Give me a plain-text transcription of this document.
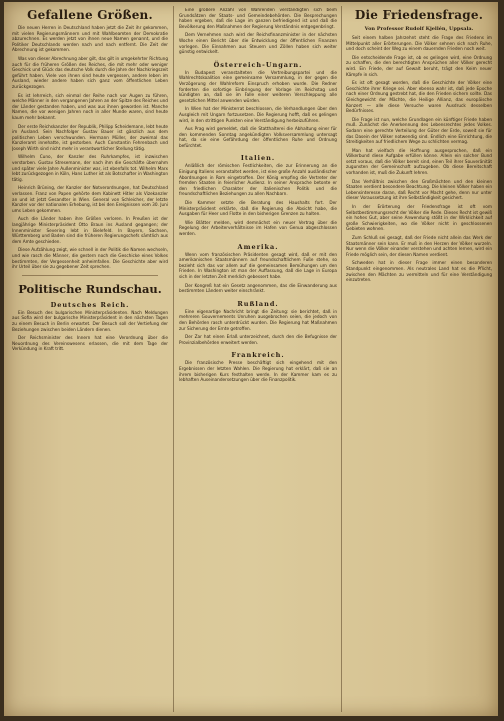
Gefallene Größen.

Die neuen Herren in Deutschland haben jetzt die Zeit ihr gekommen, mit vielen Regierungsmännern und mit Wahlbeamten der Demokratie abzurechnen. Es werden jetzt von ihnen neue Namen genannt, und die Politiker Deutschlands werden nach und nach entfernt. Die Zeit der Abrechnung ist gekommen.

Was von dieser Abrechnung aber gilt, das gilt in umgekehrter Richtung auch für die früheren Größen des Reiches, die mit mehr oder weniger Geschick und Glück das deutsche Volk durch die Jahre der Nachkriegszeit geführt haben. Viele von ihnen sind heute vergessen, andere leben im Ausland, wieder andere haben sich ganz vom öffentlichen Leben zurückgezogen.

Es ist lehrreich, sich einmal der Reihe nach vor Augen zu führen, welche Männer in den vergangenen Jahren an der Spitze des Reiches und der Länder gestanden haben, und was aus ihnen geworden ist. Manche Namen, die vor wenigen Jahren noch in aller Munde waren, sind heute kaum mehr bekannt.

Der erste Reichskanzler der Republik, Philipp Scheidemann, lebt heute im Ausland. Sein Nachfolger Gustav Bauer ist gänzlich aus dem politischen Leben verschwunden. Hermann Müller, der zweimal das Kanzleramt innehatte, ist gestorben. Auch Constantin Fehrenbach und Joseph Wirth sind nicht mehr in verantwortlicher Stellung tätig.

Wilhelm Cuno, der Kanzler des Ruhrkampfes, ist inzwischen verstorben. Gustav Stresemann, der nach ihm die Geschäfte übernahm und später viele Jahre Außenminister war, ist ebenfalls tot. Wilhelm Marx lebt zurückgezogen in Köln, Hans Luther ist als Botschafter in Washington tätig.

Heinrich Brüning, der Kanzler der Notverordnungen, hat Deutschland verlassen. Franz von Papen gehörte dem Kabinett Hitler als Vizekanzler an und ist jetzt Gesandter in Wien. General von Schleicher, der letzte Kanzler vor der nationalen Erhebung, ist bei den Ereignissen vom 30. Juni ums Leben gekommen.

Auch die Länder haben ihre Größen verloren. In Preußen ist der langjährige Ministerpräsident Otto Braun ins Ausland gegangen; der Innenminister Severing lebt in Bielefeld. In Bayern, Sachsen, Württemberg und Baden sind die früheren Regierungschefs sämtlich aus dem Amte geschieden.

Diese Aufzählung zeigt, wie schnell in der Politik die Namen wechseln, und wie rasch die Männer, die gestern noch die Geschicke eines Volkes bestimmten, der Vergessenheit anheimfallen. Die Geschichte aber wird ihr Urteil über sie zu gegebener Zeit sprechen.

Politische Rundschau.
Deutsches Reich.

Ein Besuch des bulgarischen Ministerpräsidenten. Nach Meldungen aus Sofia wird der bulgarische Ministerpräsident in den nächsten Tagen zu einem Besuch in Berlin erwartet. Der Besuch soll der Vertiefung der Beziehungen zwischen beiden Ländern dienen.

Der Reichsminister des Innern hat eine Verordnung über die Neuordnung des Vereinswesens erlassen, die mit dem Tage der Verkündung in Kraft tritt.

Eine größere Anzahl von Wahrenden verständigten sich beim Grundsätzen der Staats- und Gemeindebehörden. Die Besprechungen haben ergeben, daß die Lage im ganzen befriedigend ist und daß die Bevölkerung den Maßnahmen der Regierung Verständnis entgegenbringt.

Dem Vernehmen nach wird der Reichsfinanzminister in der nächsten Woche einen Bericht über die Entwicklung der öffentlichen Finanzen vorlegen. Die Einnahmen aus Steuern und Zöllen haben sich weiter günstig entwickelt.

Österreich-Ungarn.

In Budapest veranstalteten die Vertreibungspartei und die Wahlrechtskoalition eine gemeinsame Versammlung, in der gegen die Verzögerung der Wahlreform Einspruch erhoben wurde. Die Redner forderten die sofortige Einbringung der Vorlage im Reichstag und kündigten an, daß sie im Falle einer weiteren Verschleppung alle gesetzlichen Mittel anwenden würden.

In Wien hat der Ministerrat beschlossen, die Verhandlungen über den Ausgleich mit Ungarn fortzusetzen. Die Regierung hofft, daß es gelingen wird, in den strittigen Punkten eine Verständigung herbeizuführen.

Aus Prag wird gemeldet, daß die Statthalterei die Abhaltung einer für den kommenden Sonntag angekündigten Volksversammlung untersagt hat, da sie eine Gefährdung der öffentlichen Ruhe und Ordnung befürchtet.

Italien.

Anläßlich der römischen Festlichkeiten, die zur Erinnerung an die Einigung Italiens veranstaltet werden, ist eine große Anzahl ausländischer Abordnungen in Rom eingetroffen. Der König empfing die Vertreter der fremden Staaten in feierlicher Audienz. In seiner Ansprache betonte er den friedlichen Charakter der italienischen Politik und die freundschaftlichen Beziehungen zu allen Nachbarn.

Die Kammer setzte die Beratung des Haushalts fort. Der Ministerpräsident erklärte, daß die Regierung die Absicht habe, die Ausgaben für Heer und Flotte in den bisherigen Grenzen zu halten.

Wie Blätter melden, wird demnächst ein neuer Vertrag über die Regelung der Arbeiterverhältnisse im Hafen von Genua abgeschlossen werden.

Amerika.

Wenn vom französischen Präsidenten gesagt wird, daß er mit den amerikanischen Staatsmännern auf freundschaftlichem Fuße stehe, so bezieht sich das vor allem auf die gemeinsamen Bemühungen um den Frieden. In Washington ist man der Auffassung, daß die Lage in Europa sich in der letzten Zeit merklich gebessert habe.

Der Kongreß hat ein Gesetz angenommen, das die Einwanderung aus bestimmten Ländern weiter einschränkt.

Rußland.

Eine eigenartige Nachricht bringt die Zeitung: sie berichtet, daß in mehreren Gouvernements Unruhen ausgebrochen seien, die jedoch von den Behörden rasch unterdrückt wurden. Die Regierung hat Maßnahmen zur Sicherung der Ernte getroffen.

Der Zar hat einen Erlaß unterzeichnet, durch den die Befugnisse der Provinzialbehörden erweitert werden.

Frankreich.

Die französische Presse beschäftigt sich eingehend mit den Ergebnissen der letzten Wahlen. Die Regierung hat erklärt, daß sie an ihrem bisherigen Kurs festhalten werde. In der Kammer kam es zu lebhaften Auseinandersetzungen über die Finanzpolitik.

Die Friedensfrage.
Von Professor Rudolf Kjellén, Uppsala.

Seit einem halben Jahrzehnt steht die Frage des Friedens im Mittelpunkt aller Erörterungen. Die Völker sehnen sich nach Ruhe, und doch scheint der Weg zu einem dauernden Frieden noch weit.

Die entscheidende Frage ist, ob es gelingen wird, eine Ordnung zu schaffen, die den berechtigten Ansprüchen aller Völker gerecht wird. Ein Friede, der auf Gewalt beruht, trägt den Keim neuer Kämpfe in sich.

Es ist oft gesagt worden, daß die Geschichte der Völker eine Geschichte ihrer Kriege sei. Aber ebenso wahr ist, daß jede Epoche nach einer Ordnung gestrebt hat, die den Frieden sichern sollte. Das Gleichgewicht der Mächte, die Heilige Allianz, das europäische Konzert — alle diese Versuche waren Ausdruck desselben Bedürfnisses.

Die Frage ist nun, welche Grundlagen ein künftiger Friede haben muß. Zunächst die Anerkennung des Lebensrechtes jedes Volkes. Sodann eine gerechte Verteilung der Güter der Erde, soweit sie für das Dasein der Völker notwendig sind. Endlich eine Einrichtung, die Streitigkeiten auf friedlichem Wege zu schlichten vermag.

Man hat vielfach die Hoffnung ausgesprochen, daß ein Völkerbund diese Aufgabe erfüllen könne. Allein ein solcher Bund setzt voraus, daß die Völker bereit sind, einen Teil ihrer Souveränität zugunsten der Gemeinschaft aufzugeben. Ob diese Bereitschaft vorhanden ist, muß die Zukunft lehren.

Das Verhältnis zwischen den Großmächten und den kleinen Staaten verdient besondere Beachtung. Die kleinen Völker haben ein Lebensinteresse daran, daß Recht vor Macht gehe, denn nur unter dieser Voraussetzung ist ihre Selbständigkeit gesichert.

In der Erörterung der Friedensfrage ist oft vom Selbstbestimmungsrecht der Völker die Rede. Dieses Recht ist gewiß ein hohes Gut, aber seine Anwendung stößt in der Wirklichkeit auf große Schwierigkeiten, wo die Völker nicht in geschlossenen Gebieten wohnen.

Zum Schluß sei gesagt, daß der Friede nicht allein das Werk der Staatsmänner sein kann. Er muß in den Herzen der Völker wurzeln. Nur wenn die Völker einander verstehen und achten lernen, wird ein Friede möglich sein, der diesen Namen verdient.

Schweden hat in dieser Frage immer einen besonderen Standpunkt eingenommen. Als neutrales Land hat es die Pflicht, zwischen den Mächten zu vermitteln und für eine Verständigung einzutreten.
